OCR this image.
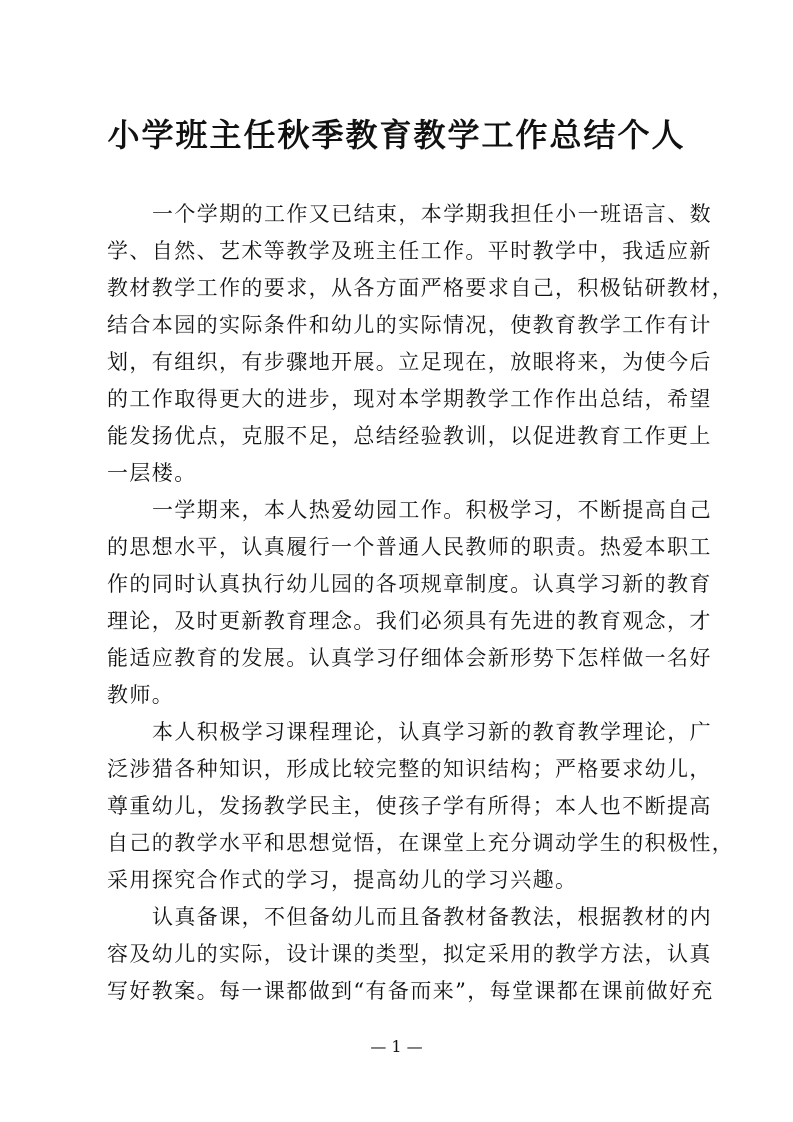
小学班主任秋季教育教学工作总结个人
一个学期的工作又已结束，本学期我担任小一班语言、数
学、自然、艺术等教学及班主任工作。平时教学中，我适应新
教材教学工作的要求，从各方面严格要求自己，积极钻研教材，
结合本园的实际条件和幼儿的实际情况，使教育教学工作有计
划，有组织，有步骤地开展。立足现在，放眼将来，为使今后
的工作取得更大的进步，现对本学期教学工作作出总结，希望
能发扬优点，克服不足，总结经验教训，以促进教育工作更上
一层楼。
一学期来，本人热爱幼园工作。积极学习，不断提高自己
的思想水平，认真履行一个普通人民教师的职责。热爱本职工
作的同时认真执行幼儿园的各项规章制度。认真学习新的教育
理论，及时更新教育理念。我们必须具有先进的教育观念，才
能适应教育的发展。认真学习仔细体会新形势下怎样做一名好
教师。
本人积极学习课程理论，认真学习新的教育教学理论，广
泛涉猎各种知识，形成比较完整的知识结构；严格要求幼儿，
尊重幼儿，发扬教学民主，使孩子学有所得；本人也不断提高
自己的教学水平和思想觉悟，在课堂上充分调动学生的积极性，
采用探究合作式的学习，提高幼儿的学习兴趣。
认真备课，不但备幼儿而且备教材备教法，根据教材的内
容及幼儿的实际，设计课的类型，拟定采用的教学方法，认真
写好教案。每一课都做到“有备而来”，每堂课都在课前做好充
— 1 —
